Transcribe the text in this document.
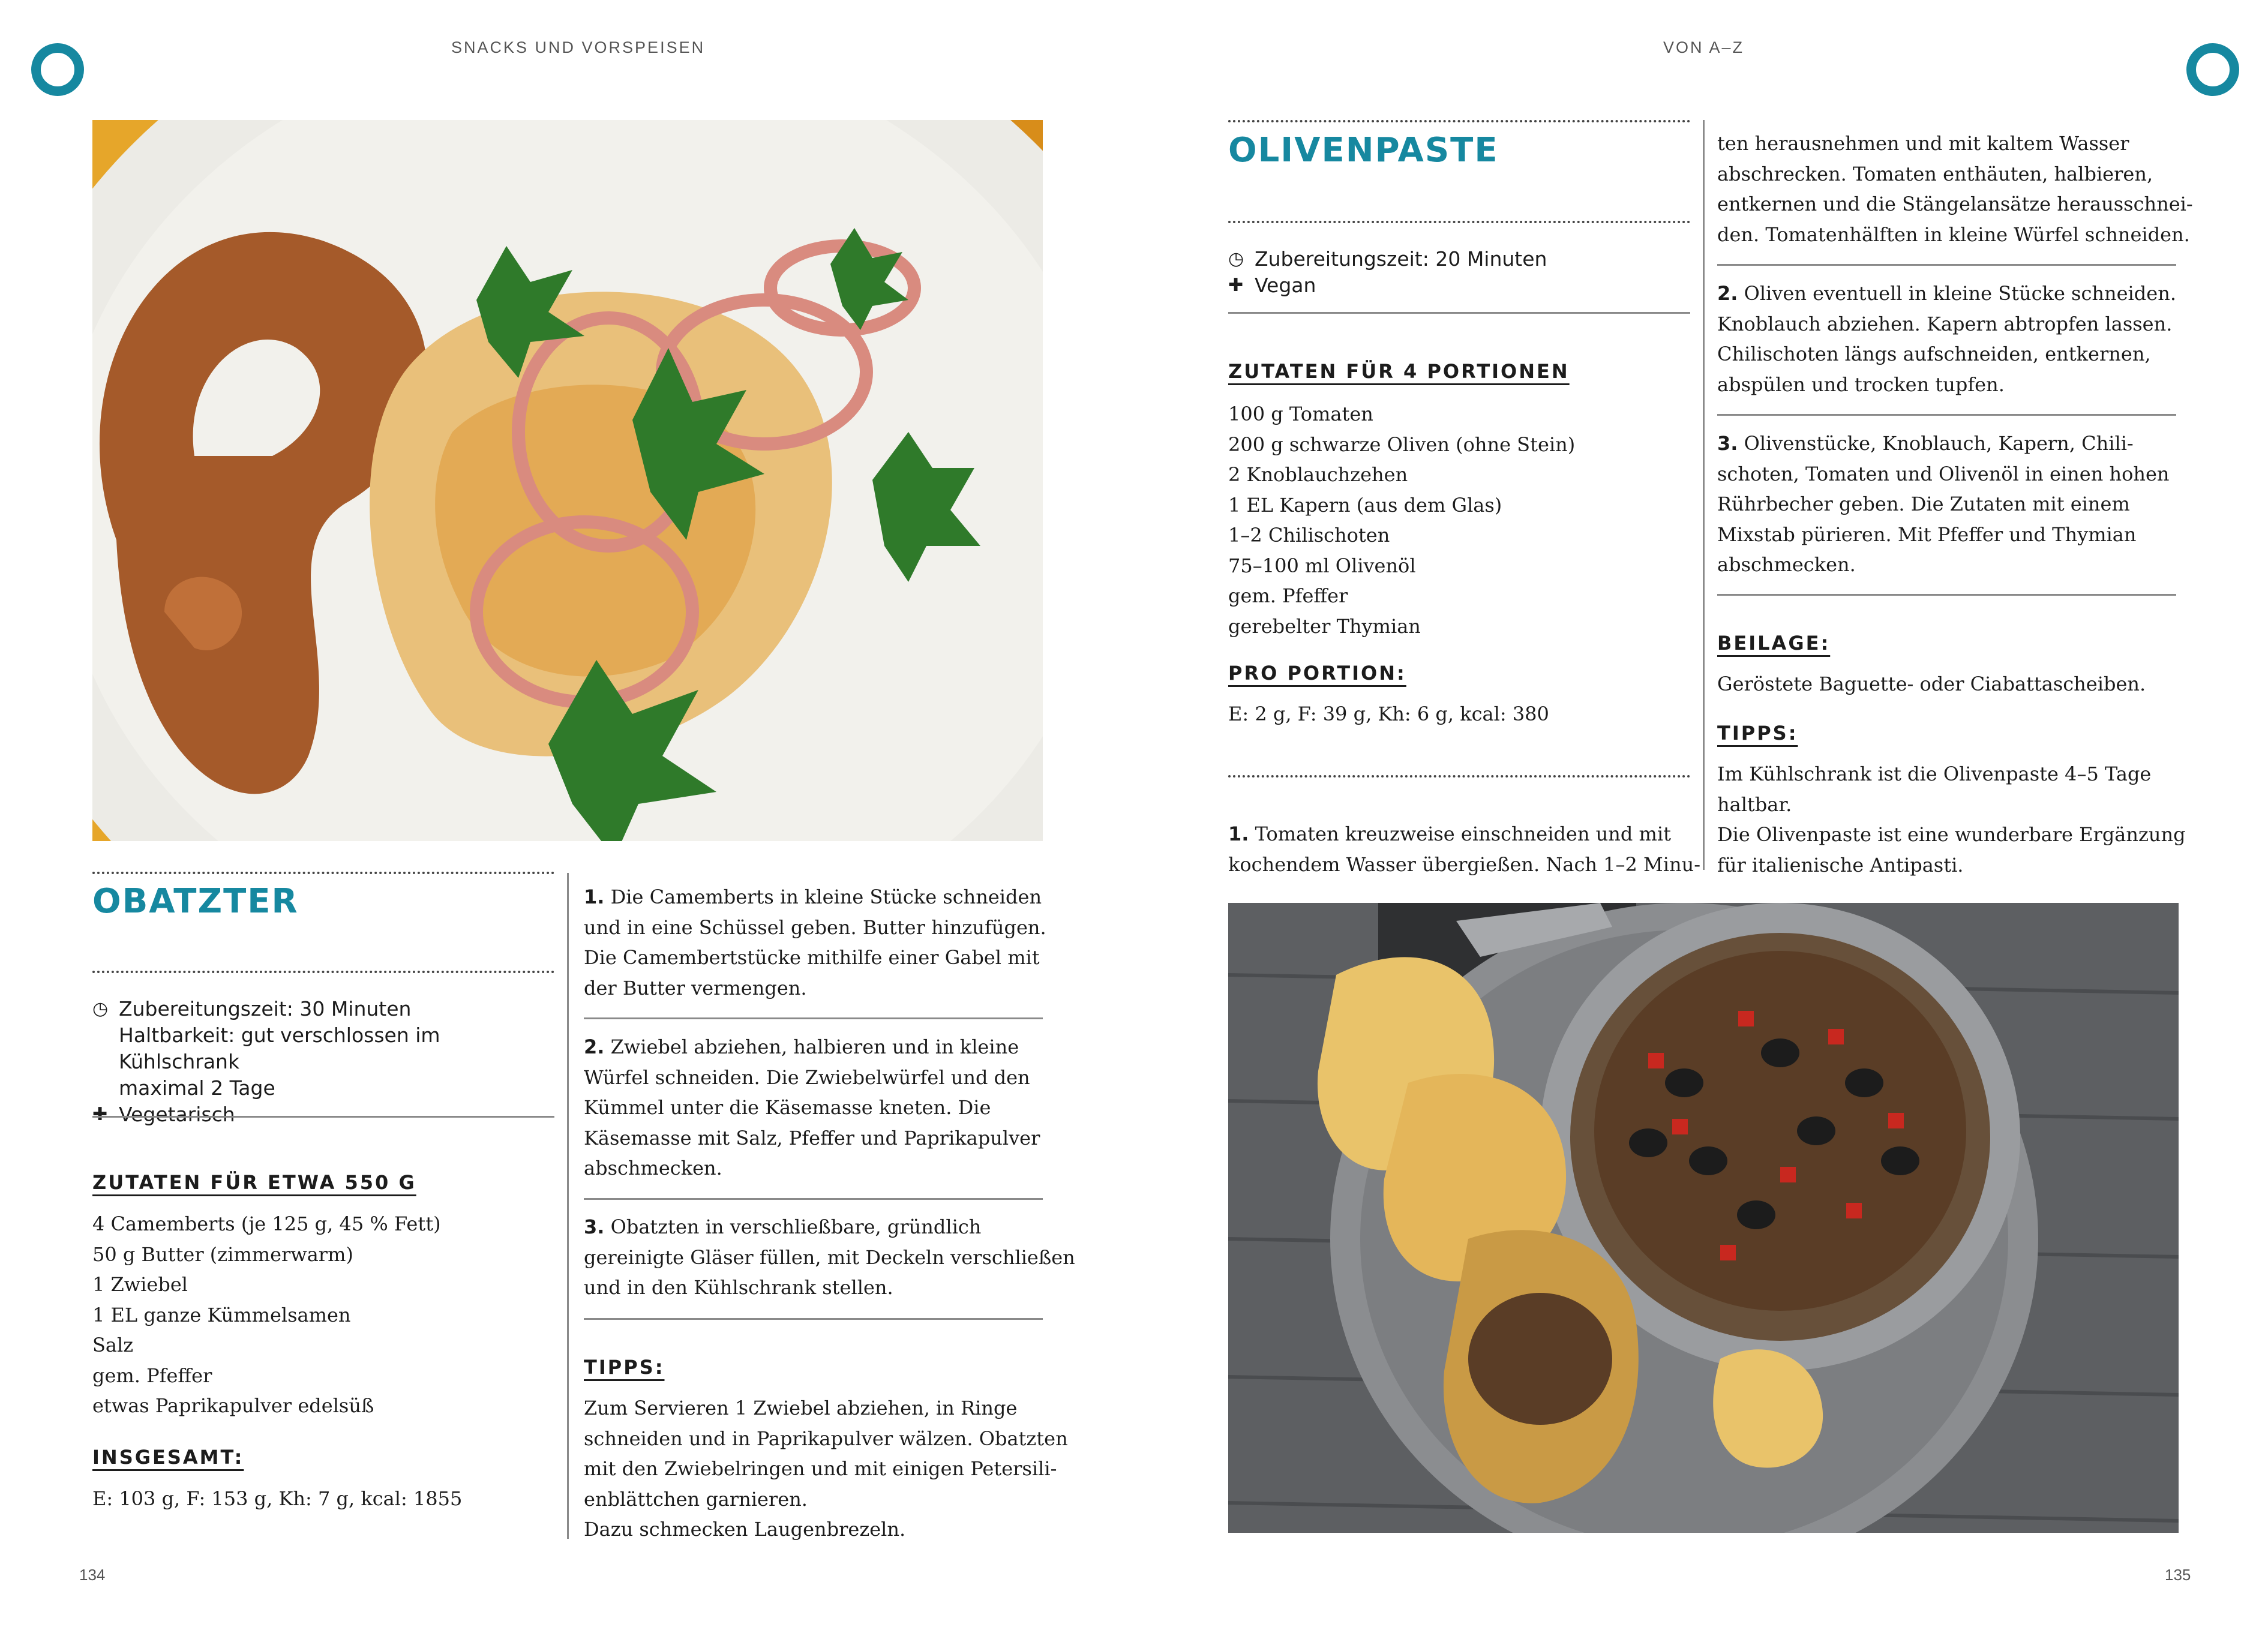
SNACKS UND VORSPEISEN	VON A–Z
134	135
OBATZTER
◷ Zubereitungszeit: 30 Minuten
Haltbarkeit: gut verschlossen im Kühlschrank
maximal 2 Tage
✚ Vegetarisch
ZUTATEN FÜR ETWA 550 G
4 Camemberts (je 125 g, 45 % Fett)
50 g Butter (zimmerwarm)
1 Zwiebel
1 EL ganze Kümmelsamen
Salz
gem. Pfeffer
etwas Paprikapulver edelsüß
INSGESAMT:
E: 103 g, F: 153 g, Kh: 7 g, kcal: 1855
1. Die Camemberts in kleine Stücke schneiden
und in eine Schüssel geben. Butter hinzufügen.
Die Camembertstücke mithilfe einer Gabel mit
der Butter vermengen.
2. Zwiebel abziehen, halbieren und in kleine
Würfel schneiden. Die Zwiebelwürfel und den
Kümmel unter die Käsemasse kneten. Die
Käsemasse mit Salz, Pfeffer und Paprikapulver
abschmecken.
3. Obatzten in verschließbare, gründlich
gereinigte Gläser füllen, mit Deckeln verschließen
und in den Kühlschrank stellen.
TIPPS:
Zum Servieren 1 Zwiebel abziehen, in Ringe
schneiden und in Paprikapulver wälzen. Obatzten
mit den Zwiebelringen und mit einigen Petersili-
enblättchen garnieren.
Dazu schmecken Laugenbrezeln.
OLIVENPASTE
◷ Zubereitungszeit: 20 Minuten
✚ Vegan
ZUTATEN FÜR 4 PORTIONEN
100 g Tomaten
200 g schwarze Oliven (ohne Stein)
2 Knoblauchzehen
1 EL Kapern (aus dem Glas)
1–2 Chilischoten
75–100 ml Olivenöl
gem. Pfeffer
gerebelter Thymian
PRO PORTION:
E: 2 g, F: 39 g, Kh: 6 g, kcal: 380
1. Tomaten kreuzweise einschneiden und mit
kochendem Wasser übergießen. Nach 1–2 Minu-
ten herausnehmen und mit kaltem Wasser
abschrecken. Tomaten enthäuten, halbieren,
entkernen und die Stängelansätze herausschnei-
den. Tomatenhälften in kleine Würfel schneiden.
2. Oliven eventuell in kleine Stücke schneiden.
Knoblauch abziehen. Kapern abtropfen lassen.
Chilischoten längs aufschneiden, entkernen,
abspülen und trocken tupfen.
3. Olivenstücke, Knoblauch, Kapern, Chili-
schoten, Tomaten und Olivenöl in einen hohen
Rührbecher geben. Die Zutaten mit einem
Mixstab pürieren. Mit Pfeffer und Thymian
abschmecken.
BEILAGE:
Geröstete Baguette- oder Ciabattascheiben.
TIPPS:
Im Kühlschrank ist die Olivenpaste 4–5 Tage
haltbar.
Die Olivenpaste ist eine wunderbare Ergänzung
für italienische Antipasti.
